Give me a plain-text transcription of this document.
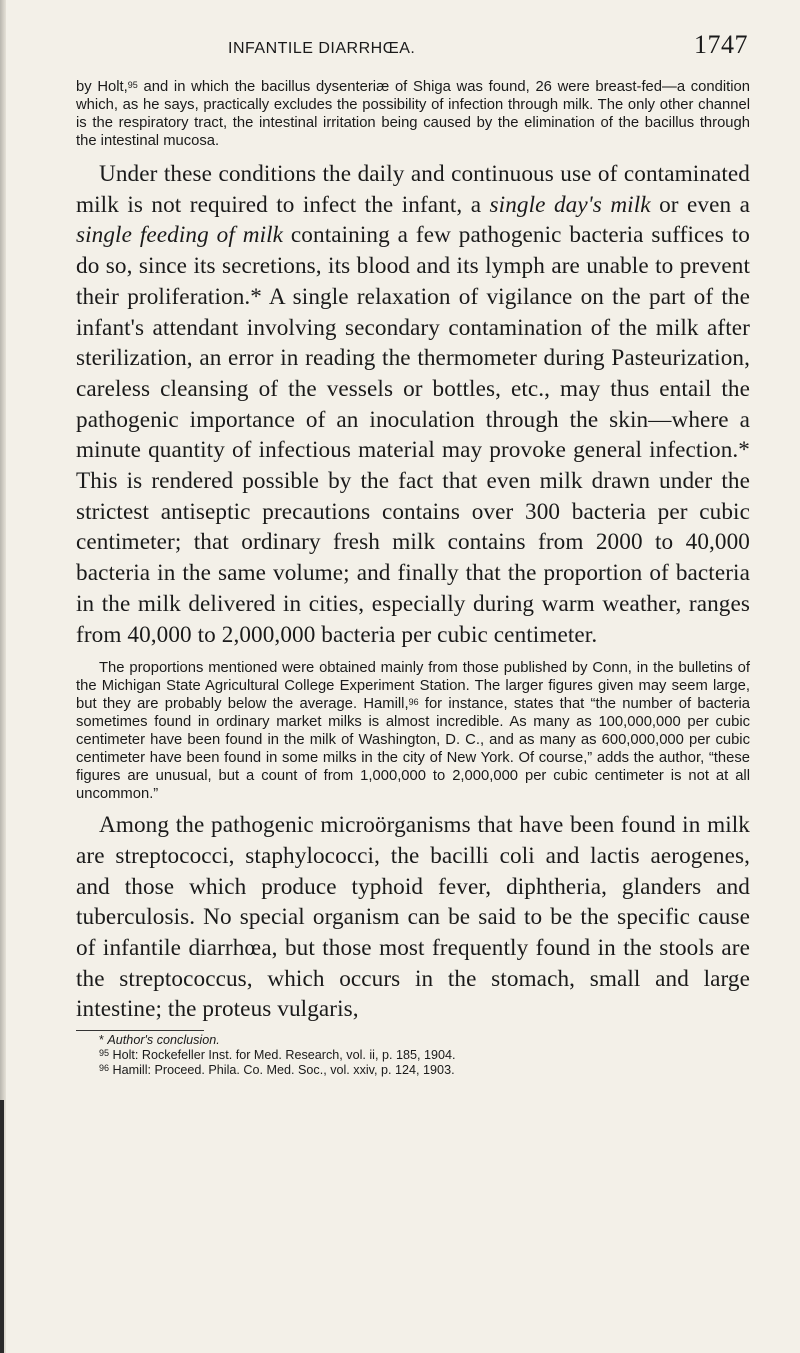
INFANTILE DIARRHŒA.	1747

by Holt,$^{95}$ and in which the bacillus dysenteriæ of Shiga was found, 26 were breast-fed—a condition which, as he says, practically excludes the possibility of infection through milk. The only other channel is the respiratory tract, the intestinal irritation being caused by the elimination of the bacillus through the intestinal mucosa.

Under these conditions the daily and continuous use of contaminated milk is not required to infect the infant, a single day's milk or even a single feeding of milk containing a few pathogenic bacteria suffices to do so, since its secretions, its blood and its lymph are unable to prevent their proliferation.* A single relaxation of vigilance on the part of the infant's attendant involving secondary contamination of the milk after sterilization, an error in reading the thermometer during Pasteurization, careless cleansing of the vessels or bottles, etc., may thus entail the pathogenic importance of an inoculation through the skin—where a minute quantity of infectious material may provoke general infection.* This is rendered possible by the fact that even milk drawn under the strictest antiseptic precautions contains over 300 bacteria per cubic centimeter; that ordinary fresh milk contains from 2000 to 40,000 bacteria in the same volume; and finally that the proportion of bacteria in the milk delivered in cities, especially during warm weather, ranges from 40,000 to 2,000,000 bacteria per cubic centimeter.

The proportions mentioned were obtained mainly from those published by Conn, in the bulletins of the Michigan State Agricultural College Experiment Station. The larger figures given may seem large, but they are probably below the average. Hamill,$^{96}$ for instance, states that “the number of bacteria sometimes found in ordinary market milks is almost incredible. As many as 100,000,000 per cubic centimeter have been found in the milk of Washington, D. C., and as many as 600,000,000 per cubic centimeter have been found in some milks in the city of New York. Of course,” adds the author, “these figures are unusual, but a count of from 1,000,000 to 2,000,000 per cubic centimeter is not at all uncommon.”

Among the pathogenic microörganisms that have been found in milk are streptococci, staphylococci, the bacilli coli and lactis aerogenes, and those which produce typhoid fever, diphtheria, glanders and tuberculosis. No special organism can be said to be the specific cause of infantile diarrhœa, but those most frequently found in the stools are the streptococcus, which occurs in the stomach, small and large intestine; the proteus vulgaris,

* Author's conclusion.
$^{95}$ Holt: Rockefeller Inst. for Med. Research, vol. ii, p. 185, 1904.
$^{96}$ Hamill: Proceed. Phila. Co. Med. Soc., vol. xxiv, p. 124, 1903.
